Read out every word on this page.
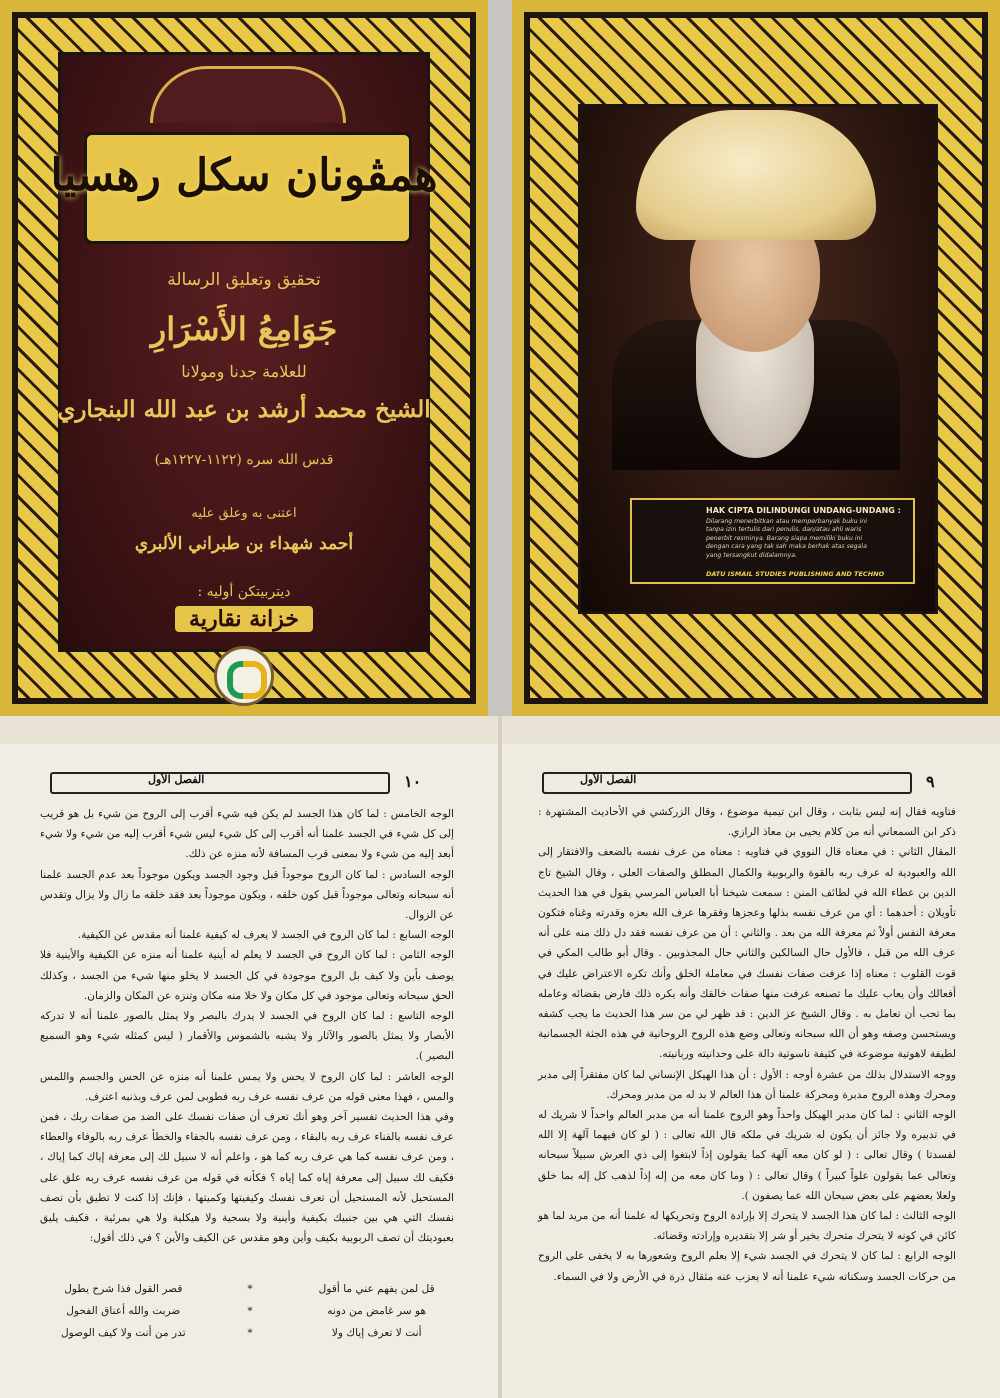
همڤونان سكل رهسيا
تحقيق وتعليق الرسالة
جَوَامِعُ الأَسْرَارِ
للعلامة جدنا ومولانا
الشيخ محمد أرشد بن عبد الله البنجاري
قدس الله سره (١١٢٢-١٢٢٧هـ)
اعتنى به وعلق عليه
أحمد شهداء بن طبراني الألبري
ديتربيتكن أوليه :
خزانة نقارية
HAK CIPTA DILINDUNGI UNDANG-UNDANG :
Dilarang menerbitkan atau memperbanyak buku ini
tanpa izin tertulis dari penulis, dan/atau ahli waris
penerbit resminya. Barang siapa memiliki buku ini
dengan cara yang tak sah maka berhak atas segala
yang tersangkut didalamnya.
DATU ISMAIL STUDIES PUBLISHING AND TECHNO
١٠
الفصل الأول

الوجه الخامس : لما كان هذا الجسد لم يكن فيه شيء أقرب إلى الروح من شيء بل هو قريب إلى كل شيء في الجسد علمنا أنه أقرب إلى كل شيء ليس شيء أقرب إليه من شيء ولا شيء أبعد إليه من شيء ولا بمعنى قرب المسافة لأنه منزه عن ذلك.

الوجه السادس : لما كان الروح موجوداً قبل وجود الجسد ويكون موجوداً بعد عدم الجسد علمنا أنه سبحانه وتعالى موجوداً قبل كون خلقه ، ويكون موجوداً بعد فقد خلقه ما زال ولا يزال وتقدس عن الزوال.

الوجه السابع : لما كان الروح في الجسد لا يعرف له كيفية علمنا أنه مقدس عن الكيفية.

الوجه الثامن : لما كان الروح في الجسد لا يعلم له أينية علمنا أنه منزه عن الكيفية والأينية فلا يوصف بأين ولا كيف بل الروح موجودة في كل الجسد لا يخلو منها شيء من الجسد ، وكذلك الحق سبحانه وتعالى موجود في كل مكان ولا خلا منه مكان وتنزه عن المكان والزمان.

الوجه التاسع : لما كان الروح في الجسد لا يدرك بالبصر ولا يمثل بالصور علمنا أنه لا تدركه الأبصار ولا يمثل بالصور والآثار ولا يشبه بالشموس والأقمار ( ليس كمثله شيء وهو السميع البصير ).

الوجه العاشر : لما كان الروح لا يحس ولا يمس علمنا أنه منزه عن الحس والجسم واللمس والمس ، فهذا معنى قوله من عرف نفسه عرف ربه فطوبى لمن عرف وبذنبه اعترف.

وفي هذا الحديث تفسير آخر وهو أنك تعرف أن صفات نفسك على الضد من صفات ربك ، فمن عرف نفسه بالفناء عرف ربه بالبقاء ، ومن عرف نفسه بالجفاء والخطأ عرف ربه بالوفاء والعطاء ، ومن عرف نفسه كما هي عرف ربه كما هو ، واعلم أنه لا سبيل لك إلى معرفة إياك كما إياك ، فكيف لك سبيل إلى معرفة إياه كما إياه ؟ فكأنه في قوله من عرف نفسه عرف ربه علق على المستحيل لأنه المستحيل أن تعرف نفسك وكيفيتها وكميتها ، فإنك إذا كنت لا تطيق بأن تصف نفسك التي هي بين جنبيك بكيفية وأينية ولا بسجية ولا هيكلية ولا هي بمرئية ، فكيف يليق بعبوديتك أن تصف الربوبية بكيف وأين وهو مقدس عن الكيف والأين ؟ في ذلك أقول:

قل لمن يفهم عني ما أقول
*
قصر القول فذا شرح يطول
هو سر غامض من دونه
*
ضربت والله أعناق الفحول
أنت لا تعرف إياك ولا
*
تدر من أنت ولا كيف الوصول
٩
الفصل الأول

فتاويه فقال إنه ليس بثابت ، وقال ابن تيمية موضوع ، وقال الزركشي في الأحاديث المشتهرة : ذكر ابن السمعاني أنه من كلام يحيى بن معاذ الرازي.

المقال الثاني : في معناه قال النووي في فتاويه : معناه من عرف نفسه بالضعف والافتقار إلى الله والعبودية له عرف ربه بالقوة والربوبية والكمال المطلق والصفات العلى ، وقال الشيخ تاج الدين بن عطاء الله في لطائف المنن : سمعت شيخنا أبا العباس المرسي يقول في هذا الحديث تأويلان : أحدهما : أي من عرف نفسه بذلها وعجزها وفقرها عرف الله بعزه وقدرته وغناه فتكون معرفة النفس أولاً ثم معرفة الله من بعد . والثاني : أن من عرف نفسه فقد دل ذلك منه على أنه عرف الله من قبل ، فالأول حال السالكين والثاني حال المجذوبين . وقال أبو طالب المكي في قوت القلوب : معناه إذا عرفت صفات نفسك في معاملة الخلق وأنك تكره الاعتراض عليك في أفعالك وأن يعاب عليك ما تصنعه عرفت منها صفات خالقك وأنه يكره ذلك فارض بقضائه وعامله بما تحب أن تعامل به . وقال الشيخ عز الدين : قد ظهر لي من سر هذا الحديث ما يجب كشفه ويستحسن وصفه وهو أن الله سبحانه وتعالى وضع هذه الروح الروحانية في هذه الجثة الجسمانية لطيفة لاهوتية موضوعة في كثيفة ناسوتية دالة على وحدانيته وربانيته.

ووجه الاستدلال بذلك من عشرة أوجه : الأول : أن هذا الهيكل الإنساني لما كان مفتقراً إلى مدبر ومحرك وهذه الروح مدبرة ومحركة علمنا أن هذا العالم لا بد له من مدبر ومحرك.

الوجه الثاني : لما كان مدبر الهيكل واحداً وهو الروح علمنا أنه من مدبر العالم واحداً لا شريك له في تدبيره ولا جائز أن يكون له شريك في ملكه قال الله تعالى : ( لو كان فيهما آلهة إلا الله لفسدتا ) وقال تعالى : ( لو كان معه آلهة كما يقولون إذاً لابتغوا إلى ذي العرش سبيلاً سبحانه وتعالى عما يقولون علواً كبيراً ) وقال تعالى : ( وما كان معه من إله إذاً لذهب كل إله بما خلق ولعلا بعضهم على بعض سبحان الله عما يصفون ).

الوجه الثالث : لما كان هذا الجسد لا يتحرك إلا بإرادة الروح وتحريكها له علمنا أنه من مريد لما هو كائن في كونه لا يتحرك متحرك بخير أو شر إلا بتقديره وإرادته وقضائه.

الوجه الرابع : لما كان لا يتحرك في الجسد شيء إلا بعلم الروح وشعورها به لا يخفى على الروح من حركات الجسد وسكناته شيء علمنا أنه لا يعزب عنه مثقال ذرة في الأرض ولا في السماء.
